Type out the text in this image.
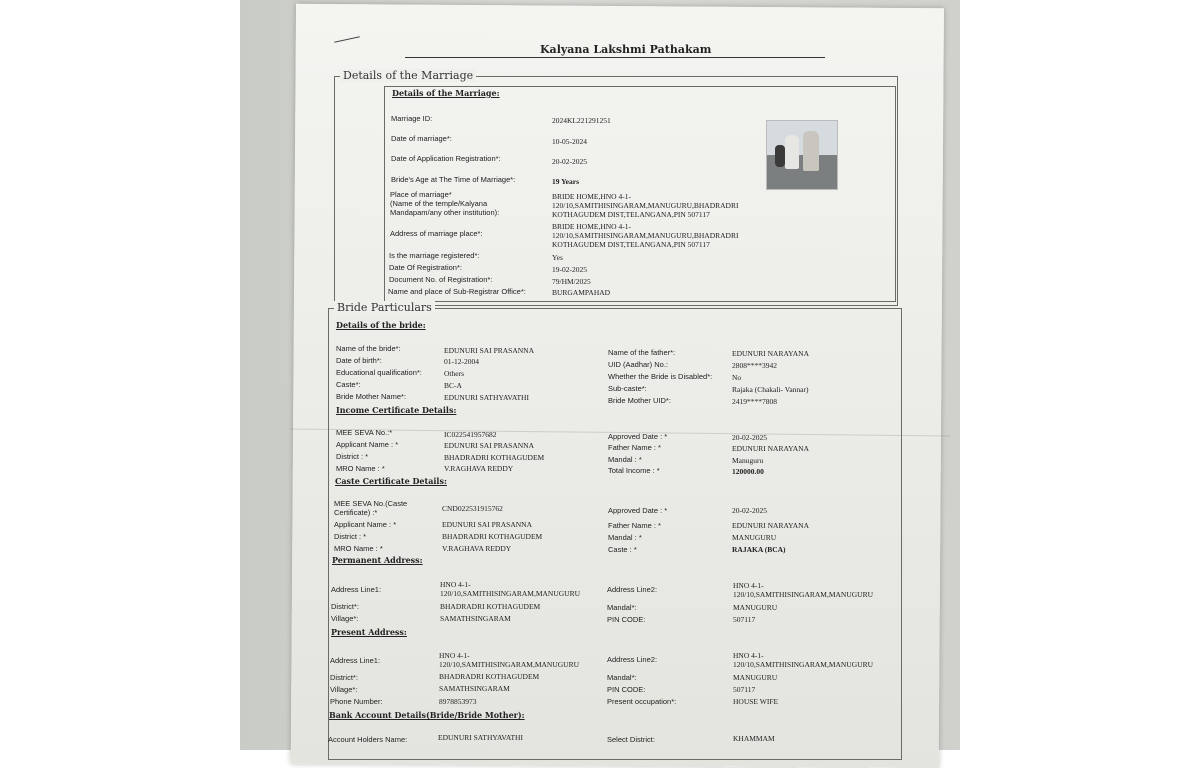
Kalyana Lakshmi Pathakam
Details of the Marriage
Details of the Marriage:
Marriage ID:	2024KL221291251
Date of marriage*:	10-05-2024
Date of Application Registration*:	20-02-2025
Bride's Age at The Time of Marriage*:	19 Years
Place of marriage*
(Name of the temple/Kalyana
Mandapam/any other institution):
BRIDE HOME,HNO 4-1-
120/10,SAMITHISINGARAM,MANUGURU,BHADRADRI
KOTHAGUDEM DIST,TELANGANA,PIN 507117
Address of marriage place*:
BRIDE HOME,HNO 4-1-
120/10,SAMITHISINGARAM,MANUGURU,BHADRADRI
KOTHAGUDEM DIST,TELANGANA,PIN 507117
Is the marriage registered*:	Yes
Date Of Registration*:	19-02-2025
Document No. of Registration*:	79/HM/2025
Name and place of Sub-Registrar Office*:	BURGAMPAHAD
Bride Particulars
Details of the bride:
Name of the bride*:	EDUNURI SAI PRASANNA
Date of birth*:	01-12-2004
Educational qualification*:	Others
Caste*:	BC-A
Bride Mother Name*:	EDUNURI SATHYAVATHI
Name of the father*:	EDUNURI NARAYANA
UID (Aadhar) No.:	2808****3942
Whether the Bride is Disabled*:	No
Sub-caste*:	Rajaka (Chakali- Vannar)
Bride Mother UID*:	2419****7808
Income Certificate Details:
MEE SEVA No.:*	IC022541957682
Applicant Name : *	EDUNURI SAI PRASANNA
District : *	BHADRADRI KOTHAGUDEM
MRO Name : *	V.RAGHAVA REDDY
Approved Date : *	20-02-2025
Father Name : *	EDUNURI NARAYANA
Mandal : *	Manuguru
Total Income : *	120000.00
Caste Certificate Details:
MEE SEVA No.(Caste
Certificate) :*	CND022531915762
Applicant Name : *	EDUNURI SAI PRASANNA
District : *	BHADRADRI KOTHAGUDEM
MRO Name : *	V.RAGHAVA REDDY
Approved Date : *	20-02-2025
Father Name : *	EDUNURI NARAYANA
Mandal : *	MANUGURU
Caste : *	RAJAKA (BCA)
Permanent Address:
Address Line1:
HNO 4-1-
120/10,SAMITHISINGARAM,MANUGURU
District*:	BHADRADRI KOTHAGUDEM
Village*:	SAMATHSINGARAM
Address Line2:	HNO 4-1-
120/10,SAMITHISINGARAM,MANUGURU
Mandal*:	MANUGURU
PIN CODE:	507117
Present Address:
Address Line1:
HNO 4-1-
120/10,SAMITHISINGARAM,MANUGURU
District*:	BHADRADRI KOTHAGUDEM
Village*:	SAMATHSINGARAM
Phone Number:	8978853973
Address Line2:	HNO 4-1-
120/10,SAMITHISINGARAM,MANUGURU
Mandal*:	MANUGURU
PIN CODE:	507117
Present occupation*:	HOUSE WIFE
Bank Account Details(Bride/Bride Mother):
Account Holders Name:	EDUNURI SATHYAVATHI	Select District:	KHAMMAM
